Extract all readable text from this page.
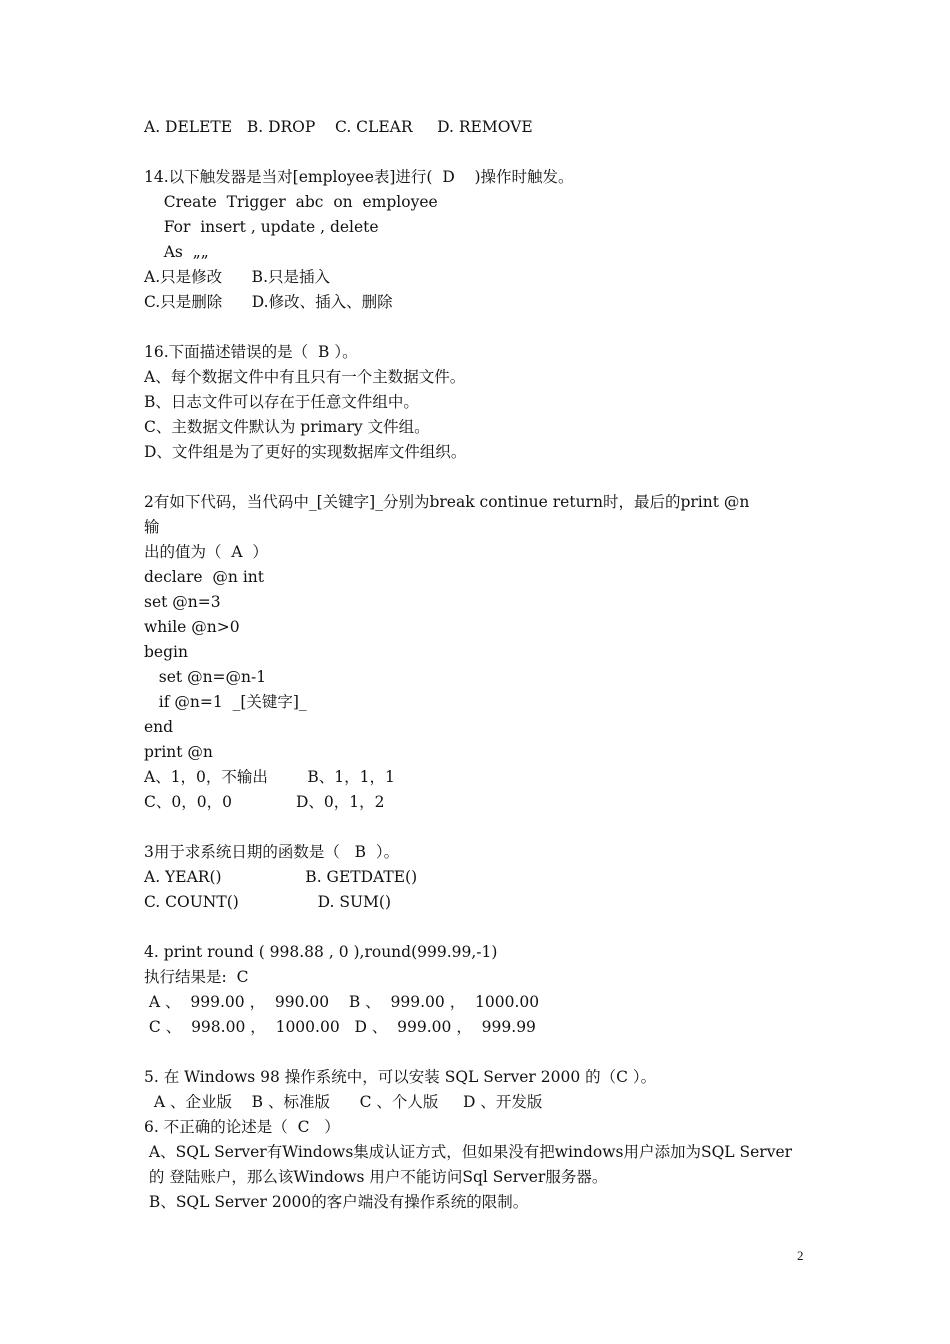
A. DELETE   B. DROP    C. CLEAR     D. REMOVE

14.以下触发器是当对[employee表]进行(  D    )操作时触发。

Create  Trigger  abc  on  employee

For  insert , update , delete

As  „„

A.只是修改      B.只是插入

C.只是删除      D.修改、插入、删除

16.下面描述错误的是（  B ）。

A、每个数据文件中有且只有一个主数据文件。

B、日志文件可以存在于任意文件组中。

C、主数据文件默认为 primary 文件组。

D、文件组是为了更好的实现数据库文件组织。

2有如下代码，当代码中_[关键字]_分别为break continue return时，最后的print @n

输

出的值为（  A  ）

declare  @n int

set @n=3

while @n>0

begin

set @n=@n-1

if @n=1  _[关键字]_

end

print @n

A、1，0，不输出        B、1，1，1

C、0，0，0             D、0，1，2

3用于求系统日期的函数是（   B  ）。

A. YEAR()                 B. GETDATE()

C. COUNT()                D. SUM()

4. print round ( 998.88 , 0 ),round(999.99,-1)

执行结果是:  C

A 、  999.00 ，  990.00    B 、  999.00 ，  1000.00

C 、  998.00 ，  1000.00   D 、  999.00 ，  999.99

5. 在 Windows 98 操作系统中，可以安装 SQL Server 2000 的（C ）。

A 、企业版    B 、标准版      C 、个人版     D 、开发版

6. 不正确的论述是（  C   ）

A、SQL Server有Windows集成认证方式，但如果没有把windows用户添加为SQL Server

的 登陆账户，那么该Windows 用户不能访问Sql Server服务器。

B、SQL Server 2000的客户端没有操作系统的限制。

2
